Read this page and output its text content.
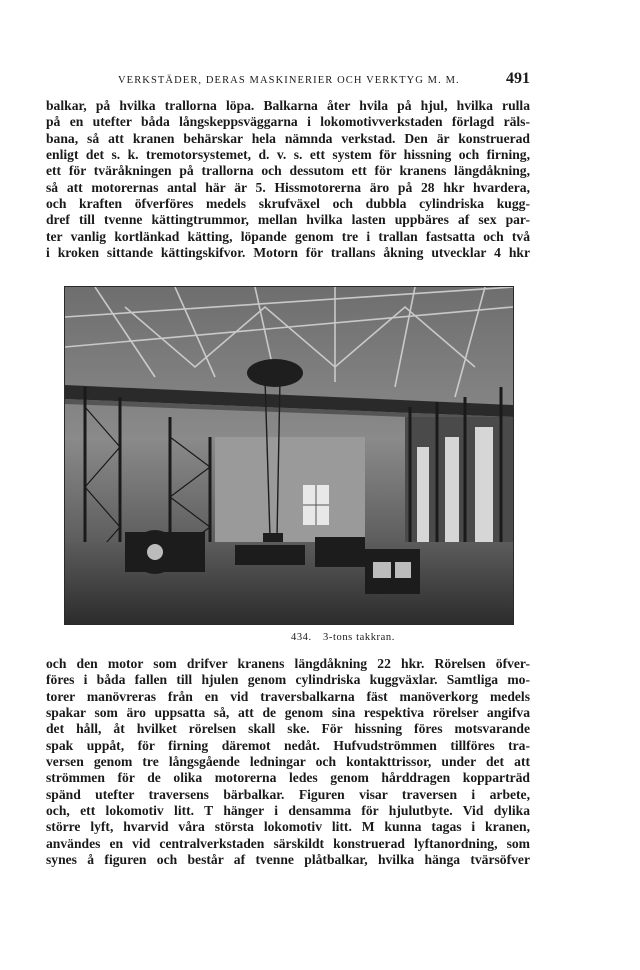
VERKSTÄDER, DERAS MASKINERIER OCH VERKTYG M. M.	491
balkar, på hvilka trallorna löpa. Balkarna åter hvila på hjul, hvilka rulla
på en utefter båda långskeppsväggarna i lokomotivverkstaden förlagd räls-
bana, så att kranen behärskar hela nämnda verkstad. Den är konstruerad
enligt det s. k. tremotorsystemet, d. v. s. ett system för hissning och firning,
ett för tväråkningen på trallorna och dessutom ett för kranens längdåkning,
så att motorernas antal här är 5. Hissmotorerna äro på 28 hkr hvardera,
och kraften öfverföres medels skrufväxel och dubbla cylindriska kugg-
dref till tvenne kättingtrummor, mellan hvilka lasten uppbäres af sex par-
ter vanlig kortlänkad kätting, löpande genom tre i trallan fastsatta och två
i kroken sittande kättingskifvor. Motorn för trallans åkning utvecklar 4 hkr
434. 3-tons takkran.
och den motor som drifver kranens längdåkning 22 hkr. Rörelsen öfver-
föres i båda fallen till hjulen genom cylindriska kuggväxlar. Samtliga mo-
torer manövreras från en vid traversbalkarna fäst manöverkorg medels
spakar som äro uppsatta så, att de genom sina respektiva rörelser angifva
det håll, åt hvilket rörelsen skall ske. För hissning föres motsvarande
spak uppåt, för firning däremot nedåt. Hufvudströmmen tillföres tra-
versen genom tre långsgående ledningar och kontakttrissor, under det att
strömmen för de olika motorerna ledes genom hårddragen kopparträd
spänd utefter traversens bärbalkar. Figuren visar traversen i arbete,
och, ett lokomotiv litt. T hänger i densamma för hjulutbyte. Vid dylika
större lyft, hvarvid våra största lokomotiv litt. M kunna tagas i kranen,
användes en vid centralverkstaden särskildt konstruerad lyftanordning, som
synes å figuren och består af tvenne plåtbalkar, hvilka hänga tvärsöfver
